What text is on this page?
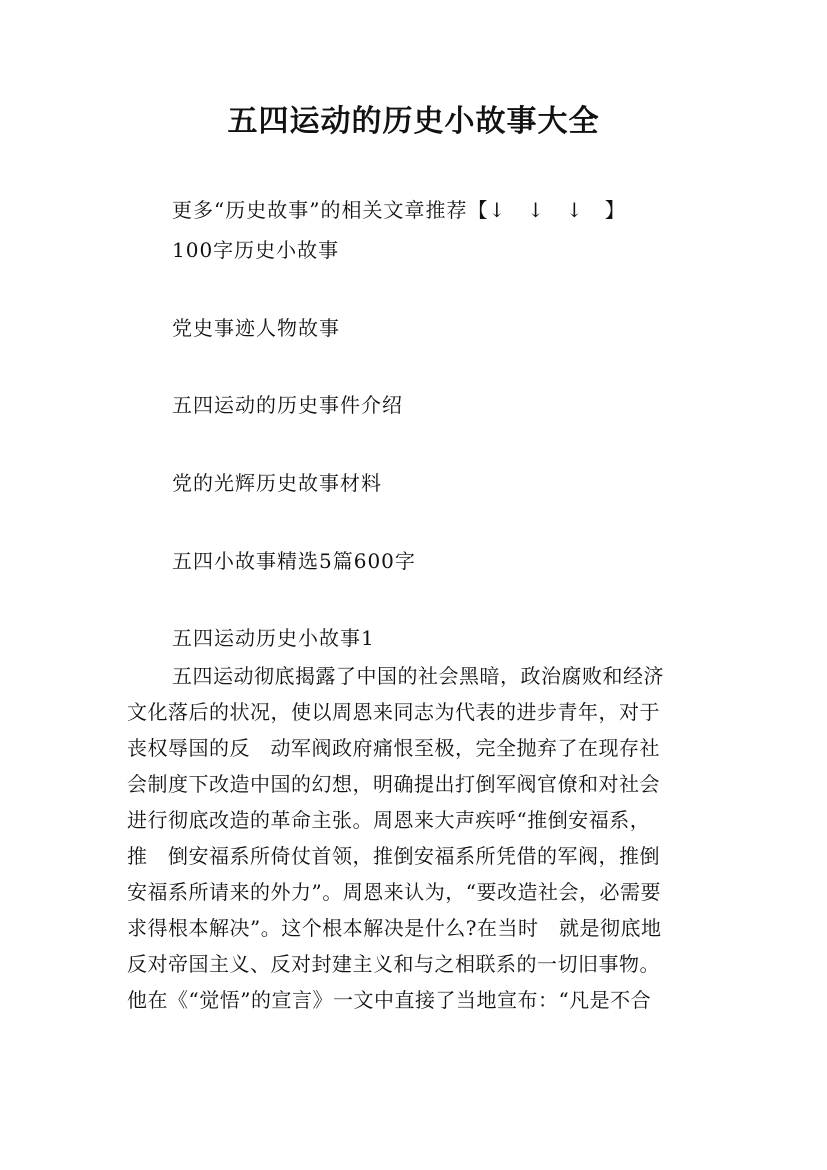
五四运动的历史小故事大全
更多“历史故事”的相关文章推荐【↓　↓　↓　】
100字历史小故事
党史事迹人物故事
五四运动的历史事件介绍
党的光辉历史故事材料
五四小故事精选5篇600字
五四运动历史小故事1
五四运动彻底揭露了中国的社会黑暗，政治腐败和经济
文化落后的状况，使以周恩来同志为代表的进步青年，对于
丧权辱国的反　动军阀政府痛恨至极，完全抛弃了在现存社
会制度下改造中国的幻想，明确提出打倒军阀官僚和对社会
进行彻底改造的革命主张。周恩来大声疾呼“推倒安福系，
推　倒安福系所倚仗首领，推倒安福系所凭借的军阀，推倒
安福系所请来的外力”。周恩来认为，“要改造社会，必需要
求得根本解决”。这个根本解决是什么?在当时　就是彻底地
反对帝国主义、反对封建主义和与之相联系的一切旧事物。
他在《“觉悟”的宣言》一文中直接了当地宣布：“凡是不合
